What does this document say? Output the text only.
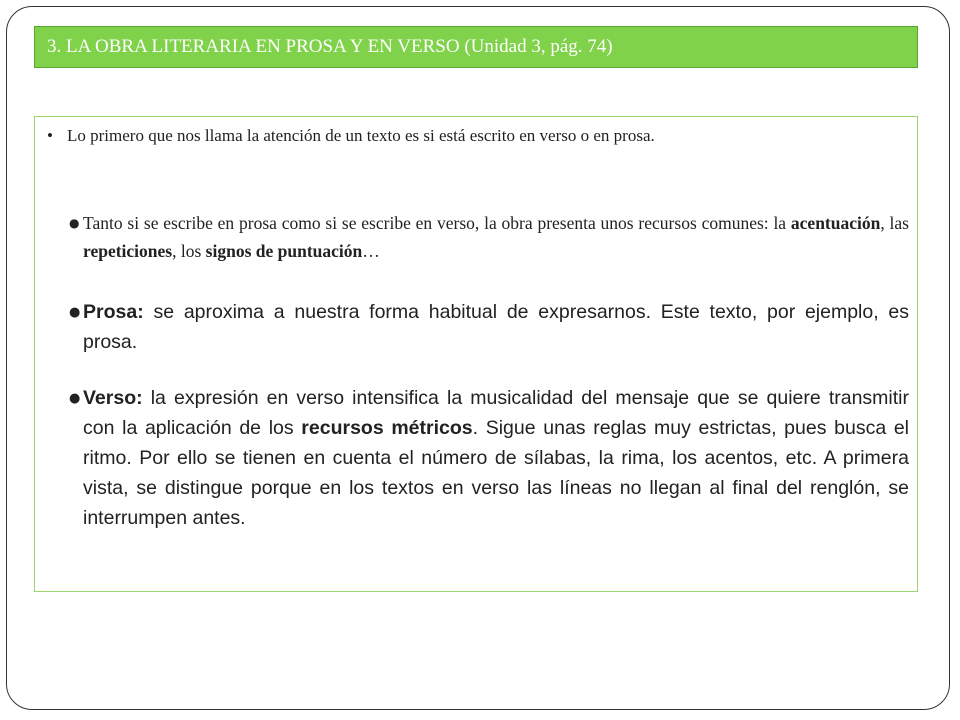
3. LA OBRA LITERARIA EN PROSA Y EN VERSO (Unidad 3, pág. 74)
• Lo primero que nos llama la atención de un texto es si está escrito en verso o en prosa.
● Tanto si se escribe en prosa como si se escribe en verso, la obra presenta unos recursos comunes: la acentuación, las repeticiones, los signos de puntuación…
● Prosa: se aproxima a nuestra forma habitual de expresarnos. Este texto, por ejemplo, es prosa.
● Verso: la expresión en verso intensifica la musicalidad del mensaje que se quiere transmitir con la aplicación de los recursos métricos. Sigue unas reglas muy estrictas, pues busca el ritmo. Por ello se tienen en cuenta el número de sílabas, la rima, los acentos, etc. A primera vista, se distingue porque en los textos en verso las líneas no llegan al final del renglón, se interrumpen antes.
